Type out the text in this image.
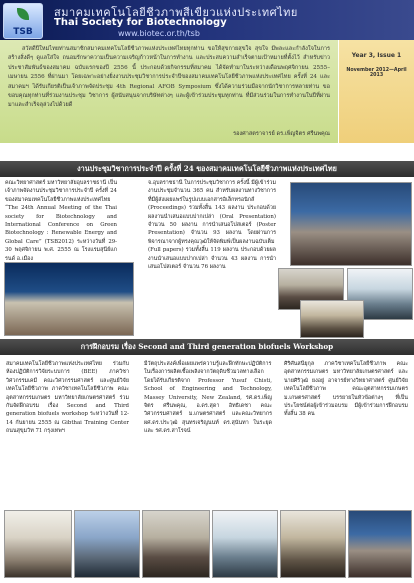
TSB
สมาคมเทคโนโลยีชีวภาพสีเขียวแห่งประเทศไทย
Thai Society for Biotechnology
www.biotec.or.th/tsb

สวัสดีปีใหม่ไทยท่านสมาชิกสมาคมเทคโนโลยีชีวภาพแห่งประเทศไทยทุกท่าน ขอให้สุขกายสุขใจ สุขใจ มีพละและกำลังใจในการสร้างสิ่งดีๆ ดูแลใส่ใจ ถนอมรักษาความเป็นความเจริญก้าวหน้าในการทำงาน และประสบความสำเร็จตามเป้าหมายที่ตั้งไว้ สำหรับข่าวประชาสัมพันธ์ของสมาคม ฉบับแรกของปี 2556 นี้ ประกอบด้วยกิจกรรมที่สมาคม ได้จัดทำมาในระหว่างเดือนพฤศจิกายน 2555–เมษายน 2556 ที่ผ่านมา โดยเฉพาะอย่างยิ่งงานประชุมวิชาการประจำปีของสมาคมเทคโนโลยีชีวภาพแห่งประเทศไทย ครั้งที่ 24 และสมาคมฯ ได้รับเกียรติเป็นเจ้าภาพจัดประชุม 4th Regional AFOB Symposium ซึ่งได้ความร่วมมือจากนักวิชาการหลายท่าน ขอขอบคุณทุกท่านที่ร่วมงานประชุม วิชาการ ผู้สนับสนุนจากบริษัทต่างๆ และผู้เข้าร่วมประชุมทุกท่าน ที่มีส่วนร่วมในการทำงานในปีที่ผ่านมาและสำเร็จลุล่วงไปด้วยดี

รองศาสตราจารย์ ดร.เพ็ญจิตร ศรีนพคุณ
Year 3, Issue 1
November 2012—April 2013
งานประชุมวิชาการประจำปี ครั้งที่ 24 ของสมาคมเทคโนโลยีชีวภาพแห่งประเทศไทย

คณะวิทยาศาสตร์ มหาวิทยาลัยอุบลราชธานี เป็นเจ้าภาพจัดงานประชุมวิชาการประจำปี ครั้งที่ 24 ของสมาคมเทคโนโลยีชีวภาพแห่งประเทศไทย “The 24th Annual Meeting of the Thai society for Biotechnology and International Conference on Green Biotechnology : Renewable Energy and Global Care” (TSB2012) ระหว่างวันที่ 29-30 พฤศจิกายน พ.ศ. 2555 ณ โรงแรมสุนีย์แกรนด์ อ.เมือง

จ.อุบลราชธานี ในการประชุมวิชาการ ครั้งนี้ มีผู้เข้าร่วมงานประชุมจำนวน 365 คน สำหรับผลงานทางวิชาการที่มีผู้ส่งเผยแพร่ในรูปแบบเอกสารอิเล็กทรอนิกส์ (Proceedings) รวมทั้งสิ้น 143 ผลงาน ประกอบด้วยผลงานนำเสนอแบบปากเปล่า (Oral Presentation) จำนวน 50 ผลงาน การนำเสนอโปสเตอร์ (Poster Presentation) จำนวน 93 ผลงาน โดยผ่านการพิจารณาจากผู้ทรงคุณวุฒิให้จัดพิมพ์เป็นผลงานฉบับเต็ม (Full papers) รวมทั้งสิ้น 119 ผลงาน ประกอบด้วยผลงานนำเสนอแบบปากเปล่า จำนวน 43 ผลงาน การนำเสนอโปสเตอร์ จำนวน 76 ผลงาน

การฝึกอบรม เรื่อง Second and Third generation biofuels Workshop

สมาคมเทคโนโลยีชีวภาพแห่งประเทศไทย ร่วมกับห้องปฏิบัติการวิจัยระบบการ (BEE) ภาควิชาวิศวกรรมเคมี คณะวิศวกรรมศาสตร์ และศูนย์วิจัยเทคโนโลยีชีวภาพ ภาควิชาเทคโนโลยีชีวภาพ คณะอุตสาหกรรมเกษตร มหาวิทยาลัยเกษตรศาสตร์ ร่วมกันจัดฝึกอบรม เรื่อง Second and Third generation biofuels workshop ระหว่างวันที่ 12-14 กันยายน 2555 ณ Gibthai Training Center ถนนสุขุมวิท 71 กรุงเทพฯ

มีวัตถุประสงค์เพื่อเผยแพร่ความรู้และฝึกทักษะปฏิบัติการในเรื่องการผลิตเชื้อเพลิงจากวัตถุดิบชีวมวลทางเลือก โดยได้รับเกียรติจาก Professor Yusuf Chisti, School of Engineering and Technology, Massey University, New Zealand, รศ.ดร.เพ็ญจิตร ศรีนพคุณ, อ.ดร.สุดา อิทธิเดชา คณะวิศวกรรมศาสตร์ ม.เกษตรศาสตร์ และคณะวิทยากร ผศ.ดร.ประวุฒิ สุนทรเจริญนนท์ ดร.สุนันทา ในระยุด และ รศ.ดร.สาโรจน์

ศิริศันสนียุกุล ภาควิชาเทคโนโลยีชีวภาพ คณะอุตสาหกรรมเกษตร มหาวิทยาลัยเกษตรศาสตร์ และนายศิริวุฒิ ยงอยู่ อาจารย์ทางวิทยาศาสตร์ ศูนย์วิจัยเทคโนโลยีชีวภาพ คณะอุตสาหกรรมเกษตร ม.เกษตรศาสตร์ บรรยายในหัวข้อต่างๆ ที่เป็นประโยชน์ต่อผู้เข้าร่วมอบรม มีผู้เข้าร่วมการฝึกอบรมทั้งสิ้น 38 คน
